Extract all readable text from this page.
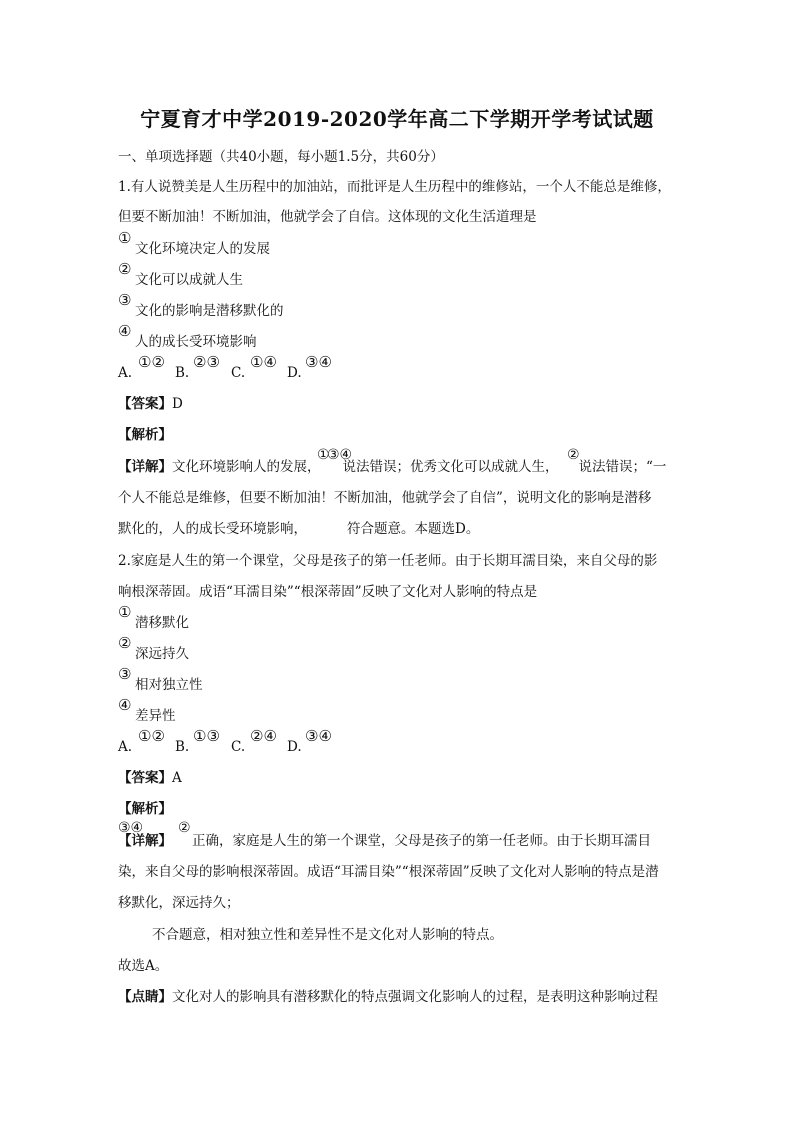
宁夏育才中学2019-2020学年高二下学期开学考试试题
一、单项选择题（共40小题，每小题1.5分，共60分）
1.有人说赞美是人生历程中的加油站，而批评是人生历程中的维修站，一个人不能总是维修，
但要不断加油！不断加油，他就学会了自信。这体现的文化生活道理是
①
文化环境决定人的发展
②
文化可以成就人生
③
文化的影响是潜移默化的
④
人的成长受环境影响
A.
①②
B.
②③
C.
①④
D.
③④
【答案】D
【解析】
【详解】文化环境影响人的发展， 说法错误；优秀文化可以成就人生， 说法错误；“一
①
③④	②
个人不能总是维修，但要不断加油！不断加油，他就学会了自信”，说明文化的影响是潜移
默化的，人的成长受环境影响，	符合题意。本题选D。
2.家庭是人生的第一个课堂，父母是孩子的第一任老师。由于长期耳濡目染，来自父母的影
响根深蒂固。成语“耳濡目染”“根深蒂固”反映了文化对人影响的特点是
①
潜移默化
②
深远持久
③
相对独立性
④
差异性
A.
①②
B.
①③
C.
②④
D.
③④
【答案】A
【解析】
③④ ②
【详解】 正确，家庭是人生的第一个课堂，父母是孩子的第一任老师。由于长期耳濡目
染，来自父母的影响根深蒂固。成语“耳濡目染”“根深蒂固”反映了文化对人影响的特点是潜
移默化，深远持久；
不合题意，相对独立性和差异性不是文化对人影响的特点。
故选A。
【点睛】文化对人的影响具有潜移默化的特点强调文化影响人的过程，是表明这种影响过程
